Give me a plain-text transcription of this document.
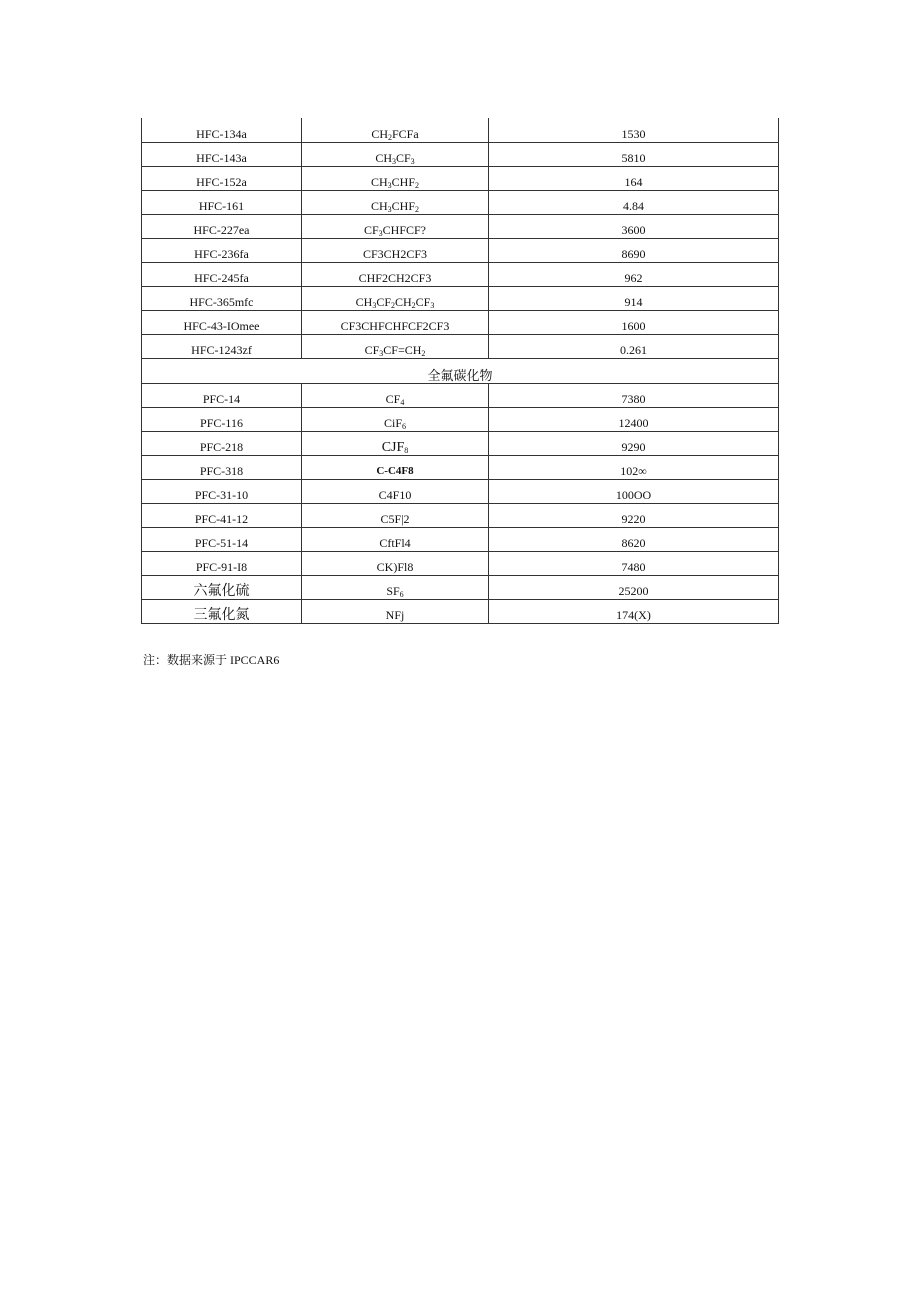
HFC-134a	$CH_2FCFa$	1530
HFC-143a	$CH_3CF_3$	5810
HFC-152a	$CH_3CHF_2$	164
HFC-161	$CH_3CHF_2$	4.84
HFC-227ea	$CF_3CHFCF$?	3600
HFC-236fa	CF3CH2CF3	8690
HFC-245fa	CHF2CH2CF3	962
HFC-365mfc	$CH_3CF_2CH_2CF_3$	914
HFC-43-IOmee	CF3CHFCHFCF2CF3	1600
HFC-1243zf	$CF_3CF=CH_2$	0.261
全氟碳化物		
PFC-14	$CF_4$	7380
PFC-116	CiF$_6$	12400
PFC-218	$CJF_8$	9290
PFC-318	C-C4F8	102∞
PFC-31-10	C4F10	100OO
PFC-41-12	C5F|2	9220
PFC-51-14	CftFl4	8620
PFC-91-I8	CK)Fl8	7480
六氟化硫	$SF_6$	25200
三氟化氮	NFj	174(X)
注：数据来源于 IPCCAR6
